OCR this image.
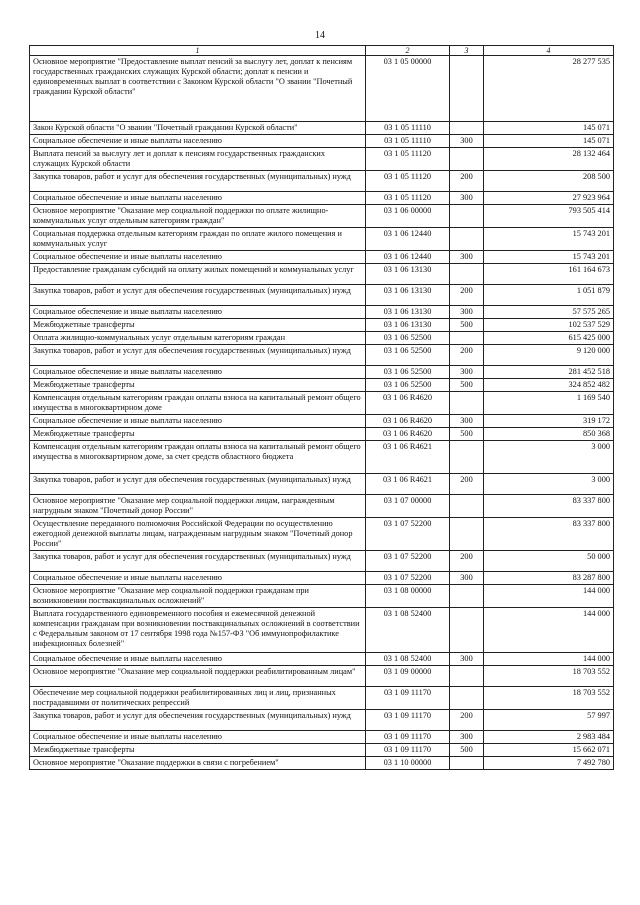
14
1	2	3	4
Основное мероприятие "Предоставление выплат пенсий за выслугу лет, доплат к пенсиям государственных гражданских служащих Курской области; доплат к пенсии и единовременных выплат в соответствии с Законом Курской области "О звании "Почетный гражданин Курской области"	03 1 05 00000		28 277 535
Закон Курской области "О звании "Почетный гражданин Курской области"	03 1 05 11110		145 071
Социальное обеспечение и иные выплаты населению	03 1 05 11110	300	145 071
Выплата пенсий за выслугу лет и доплат к пенсиям государственных гражданских служащих Курской области	03 1 05 11120		28 132 464
Закупка товаров, работ и услуг для обеспечения государственных (муниципальных) нужд	03 1 05 11120	200	208 500
Социальное обеспечение и иные выплаты населению	03 1 05 11120	300	27 923 964
Основное мероприятие "Оказание мер социальной поддержки по оплате жилищно-коммунальных услуг отдельным категориям граждан"	03 1 06 00000		793 505 414
Социальная поддержка отдельным категориям граждан по оплате жилого помещения и коммунальных услуг	03 1 06 12440		15 743 201
Социальное обеспечение и иные выплаты населению	03 1 06 12440	300	15 743 201
Предоставление гражданам субсидий на оплату жилых помещений и коммунальных услуг	03 1 06 13130		161 164 673
Закупка товаров, работ и услуг для обеспечения государственных (муниципальных) нужд	03 1 06 13130	200	1 051 879
Социальное обеспечение и иные выплаты населению	03 1 06 13130	300	57 575 265
Межбюджетные трансферты	03 1 06 13130	500	102 537 529
Оплата жилищно-коммунальных услуг отдельным категориям граждан	03 1 06 52500		615 425 000
Закупка товаров, работ и услуг для обеспечения государственных (муниципальных) нужд	03 1 06 52500	200	9 120 000
Социальное обеспечение и иные выплаты населению	03 1 06 52500	300	281 452 518
Межбюджетные трансферты	03 1 06 52500	500	324 852 482
Компенсация отдельным категориям граждан оплаты взноса на капитальный ремонт общего имущества в многоквартирном доме	03 1 06 R4620		1 169 540
Социальное обеспечение и иные выплаты населению	03 1 06 R4620	300	319 172
Межбюджетные трансферты	03 1 06 R4620	500	850 368
Компенсация отдельным категориям граждан оплаты взноса на капитальный ремонт общего имущества в многоквартирном доме, за счет средств областного бюджета	03 1 06 R4621		3 000
Закупка товаров, работ и услуг для обеспечения государственных (муниципальных) нужд	03 1 06 R4621	200	3 000
Основное мероприятие "Оказание мер социальной поддержки лицам, награжденным нагрудным знаком "Почетный донор России"	03 1 07 00000		83 337 800
Осуществление переданного полномочия Российской Федерации по осуществлению ежегодной денежной выплаты лицам, награжденным нагрудным знаком "Почетный донор России"	03 1 07 52200		83 337 800
Закупка товаров, работ и услуг для обеспечения государственных (муниципальных) нужд	03 1 07 52200	200	50 000
Социальное обеспечение и иные выплаты населению	03 1 07 52200	300	83 287 800
Основное мероприятие "Оказание мер социальной поддержки гражданам при возникновении поствакцинальных осложнений"	03 1 08 00000		144 000
Выплата государственного единовременного пособия и ежемесячной денежной компенсации гражданам при возникновении поствакцинальных осложнений в соответствии с Федеральным законом от 17 сентября 1998 года №157-ФЗ "Об иммунопрофилактике инфекционных болезней"	03 1 08 52400		144 000
Социальное обеспечение и иные выплаты населению	03 1 08 52400	300	144 000
Основное мероприятие "Оказание мер социальной поддержки реабилитированным лицам"	03 1 09 00000		18 703 552
Обеспечение мер социальной поддержки реабилитированных лиц и лиц, признанных пострадавшими от политических репрессий	03 1 09 11170		18 703 552
Закупка товаров, работ и услуг для обеспечения государственных (муниципальных) нужд	03 1 09 11170	200	57 997
Социальное обеспечение и иные выплаты населению	03 1 09 11170	300	2 983 484
Межбюджетные трансферты	03 1 09 11170	500	15 662 071
Основное мероприятие "Оказание поддержки в связи с погребением"	03 1 10 00000		7 492 780
